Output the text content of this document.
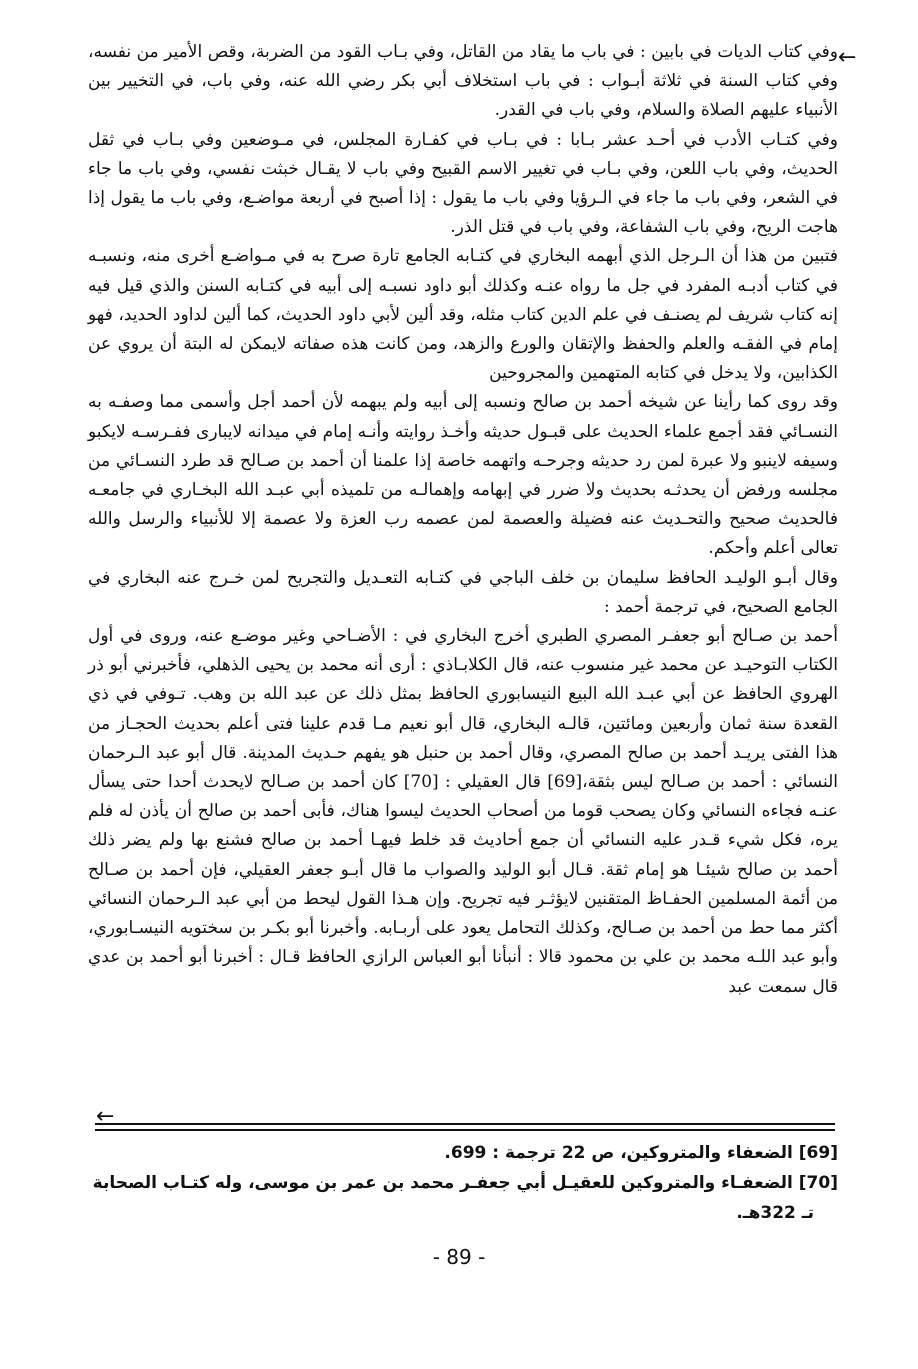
←

وفي كتاب الديات في بابين : في باب ما يقاد من القاتل، وفي بـاب القود من الضربة، وقص الأمير من نفسه، وفي كتاب السنة في ثلاثة أبـواب : في باب استخلاف أبي بكر رضي الله عنه، وفي باب، في التخيير بين الأنبياء عليهم الصلاة والسلام، وفي باب في القدر.

وفي كتـاب الأدب في أحـد عشر بـابا : في بـاب في كفـارة المجلس، في مـوضعين وفي بـاب في ثقل الحديث، وفي باب اللعن، وفي بـاب في تغيير الاسم القبيح وفي باب لا يقـال خبثت نفسي، وفي باب ما جاء في الشعر، وفي باب ما جاء في الـرؤيا وفي باب ما يقول : إذا أصبح في أربعة مواضـع، وفي باب ما يقول إذا هاجت الريح، وفي باب الشفاعة، وفي باب في قتل الذر.

فتبين من هذا أن الـرجل الذي أبهمه البخاري في كتـابه الجامع تارة صرح به في مـواضـع أخرى منه، ونسبـه في كتاب أدبـه المفرد في جل ما رواه عنـه وكذلك أبو داود نسبـه إلى أبيه في كتـابه السنن والذي قيل فيه إنه كتاب شريف لم يصنـف في علم الدين كتاب مثله، وقد ألين لأبي داود الحديث، كما ألين لداود الحديد، فهو إمام في الفقـه والعلم والحفظ والإتقان والورع والزهد، ومن كانت هذه صفاته لايمكن له البتة أن يروي عن الكذابين، ولا يدخل في كتابه المتهمين والمجروحين

وقد روى كما رأينا عن شيخه أحمد بن صالح ونسبه إلى أبيه ولم يبهمه لأن أحمد أجل وأسمى مما وصفـه به النسـائي فقد أجمع علماء الحديث على قبـول حديثه وأخـذ روايته وأنـه إمام في ميدانه لايبارى ففـرسـه لايكبو وسيفه لاينبو ولا عبرة لمن رد حديثه وجرحـه واتهمه خاصة إذا علمنا أن أحمد بن صـالح قد طرد النسـائي من مجلسه ورفض أن يحدثـه بحديث ولا ضرر في إبهامه وإهمالـه من تلميذه أبي عبـد الله البخـاري في جامعـه فالحديث صحيح والتحـديث عنه فضيلة والعصمة لمن عصمه رب العزة ولا عصمة إلا للأنبياء والرسل والله تعالى أعلم وأحكم.

وقال أبـو الوليـد الحافظ سليمان بن خلف الباجي في كتـابه التعـديل والتجريح لمن خـرج عنه البخاري في الجامع الصحيح، في ترجمة أحمد :

أحمد بن صـالح أبو جعفـر المصري الطبري أخرج البخاري في : الأضـاحي وغير موضـع عنه، وروى في أول الكتاب التوحيـد عن محمد غير منسوب عنه، قال الكلابـاذي : أرى أنه محمد بن يحيى الذهلي، فأخبرني أبو ذر الهروي الحافظ عن أبي عبـد الله البيع النيسابوري الحافظ بمثل ذلك عن عبد الله بن وهب. تـوفي في ذي القعدة سنة ثمان وأربعين ومائتين، قالـه البخاري، قال أبو نعيم مـا قدم علينا فتى أعلم بحديث الحجـاز من هذا الفتى يريـد أحمد بن صالح المصري، وقال أحمد بن حنبل هو يفهم حـديث المدينة. قال أبو عبد الـرحمان النسائي : أحمد بن صـالح ليس بثقة،[69] قال العقيلي : [70] كان أحمد بن صـالح لايحدث أحدا حتى يسأل عنـه فجاءه النسائي وكان يصحب قوما من أصحاب الحديث ليسوا هناك، فأبى أحمد بن صالح أن يأذن له فلم يره، فكل شيء قـدر عليه النسائي أن جمع أحاديث قد خلط فيهـا أحمد بن صالح فشنع بها ولم يضر ذلك أحمد بن صالح شيئـا هو إمام ثقة. قـال أبو الوليد والصواب ما قال أبـو جعفر العقيلي، فإن أحمد بن صـالح من أئمة المسلمين الحفـاظ المتقنين لايؤثـر فيه تجريح. وإن هـذا القول ليحط من أبي عبد الـرحمان النسائي أكثر مما حط من أحمد بن صـالح، وكذلك التحامل يعود على أربـابه. وأخبرنا أبو بكـر بن سختويه النيسـابوري، وأبو عبد اللـه محمد بن علي بن محمود قالا : أنبأنا أبو العباس الرازي الحافظ قـال : أخبرنا أبو أحمد بن عدي قال سمعت عبد

←

[69] الضعفاء والمتروكين، ص 22 ترجمة : 699.

[70] الضعفـاء والمتروكين للعقيـل أبي جعفـر محمد بن عمر بن موسى، وله كتـاب الصحابة

تـ 322هـ.

- 89 -
